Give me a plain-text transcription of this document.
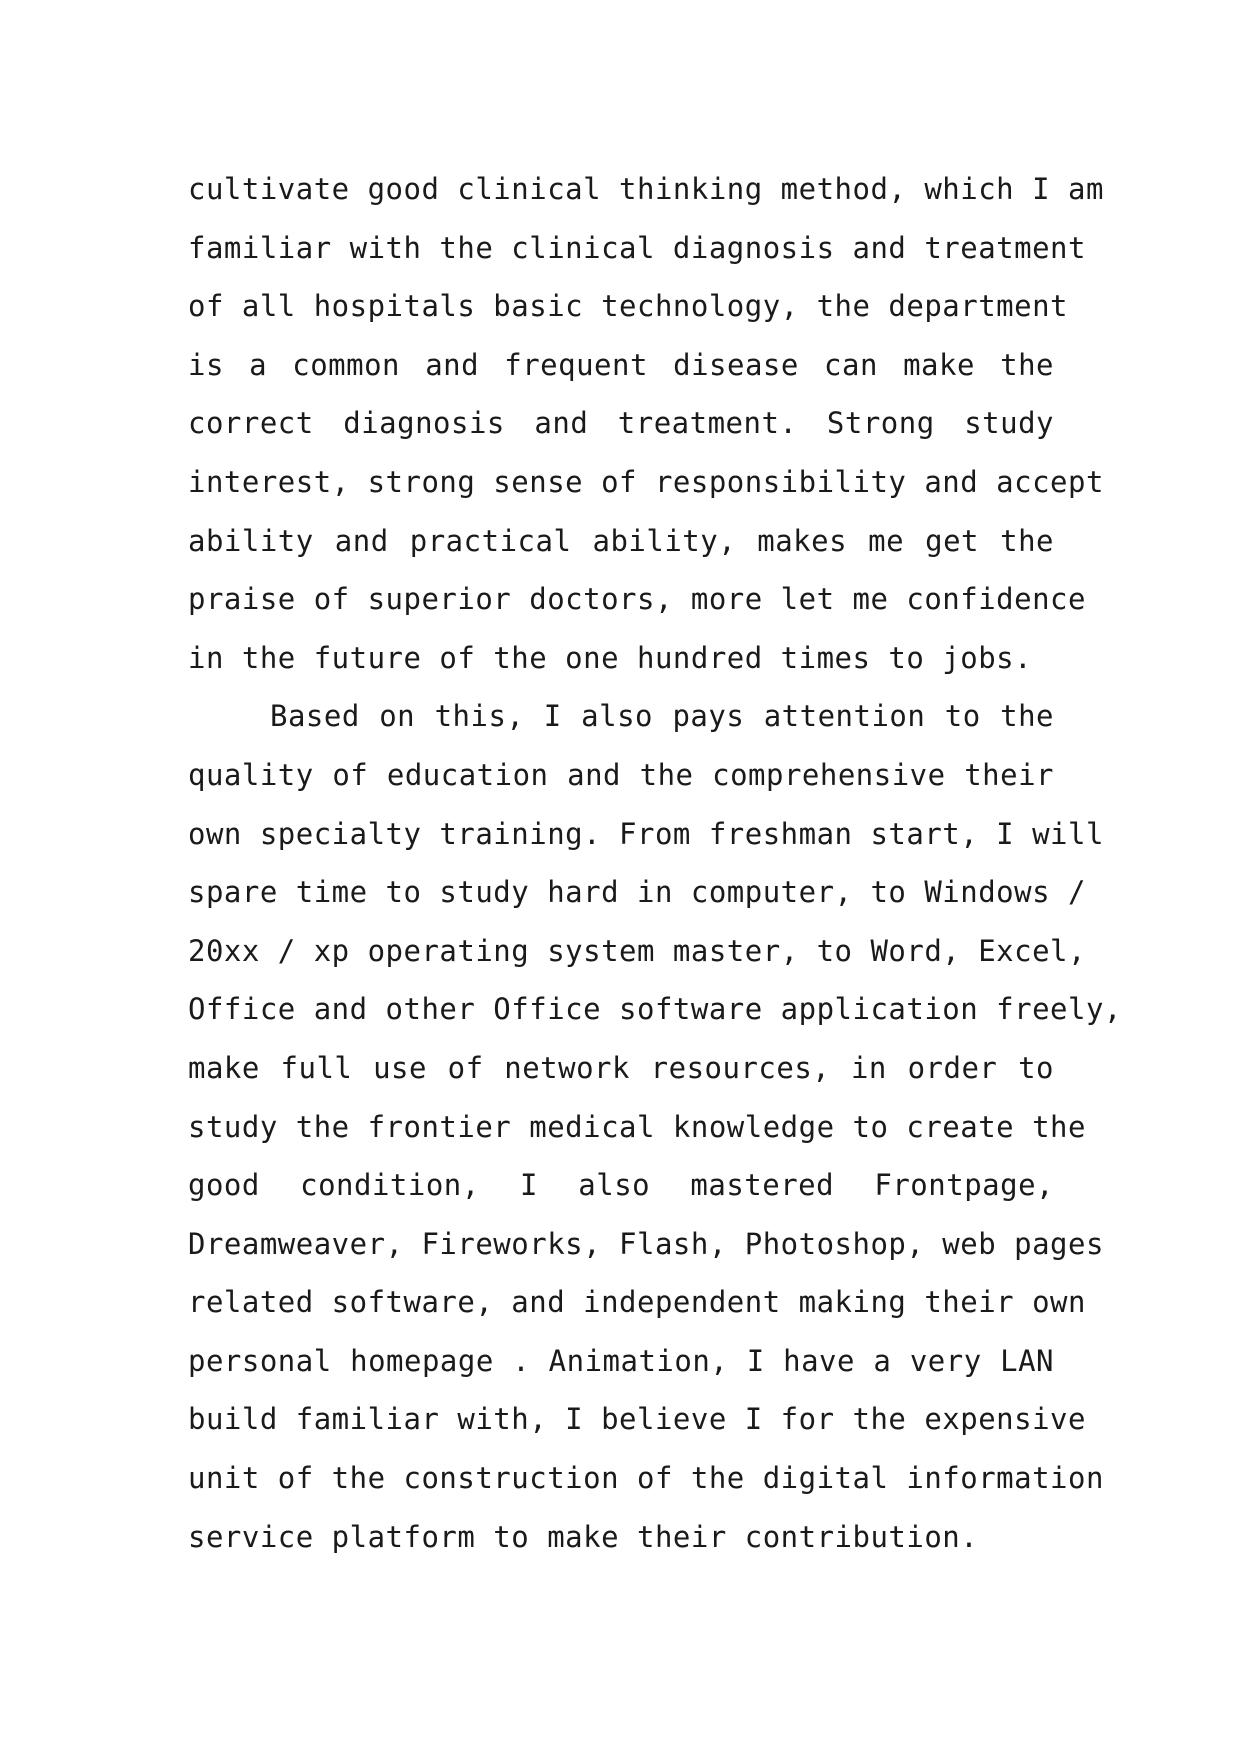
cultivate good clinical thinking method, which I am
familiar with the clinical diagnosis and treatment
of all hospitals basic technology, the department
is a common and frequent disease can make the
correct diagnosis and treatment. Strong study
interest, strong sense of responsibility and accept
ability and practical ability, makes me get the
praise of superior doctors, more let me confidence
in the future of the one hundred times to jobs.
Based on this, I also pays attention to the
quality of education and the comprehensive their
own specialty training. From freshman start, I will
spare time to study hard in computer, to Windows /
20xx / xp operating system master, to Word, Excel,
Office and other Office software application freely,
make full use of network resources, in order to
study the frontier medical knowledge to create the
good condition, I also mastered Frontpage,
Dreamweaver, Fireworks, Flash, Photoshop, web pages
related software, and independent making their own
personal homepage . Animation, I have a very LAN
build familiar with, I believe I for the expensive
unit of the construction of the digital information
service platform to make their contribution.
